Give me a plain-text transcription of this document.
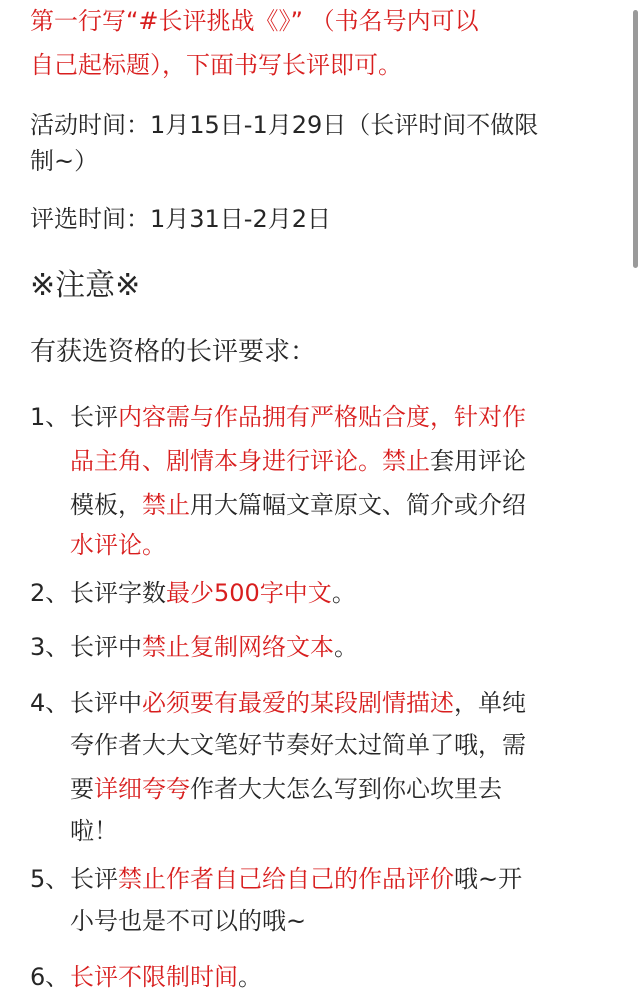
第一行写“#长评挑战《》” （书名号内可以
自己起标题），下面书写长评即可。
活动时间：1月15日-1月29日（长评时间不做限
制~）
评选时间：1月31日-2月2日
※注意※
有获选资格的长评要求：
1、 长评内容需与作品拥有严格贴合度，针对作
品主角、剧情本身进行评论。禁止套用评论
模板，禁止用大篇幅文章原文、简介或介绍
水评论。
2、 长评字数最少500字中文。
3、 长评中禁止复制网络文本。
4、 长评中必须要有最爱的某段剧情描述，单纯
夸作者大大文笔好节奏好太过简单了哦，需
要详细夸夸作者大大怎么写到你心坎里去
啦！
5、 长评禁止作者自己给自己的作品评价哦~开
小号也是不可以的哦~
6、 长评不限制时间。
